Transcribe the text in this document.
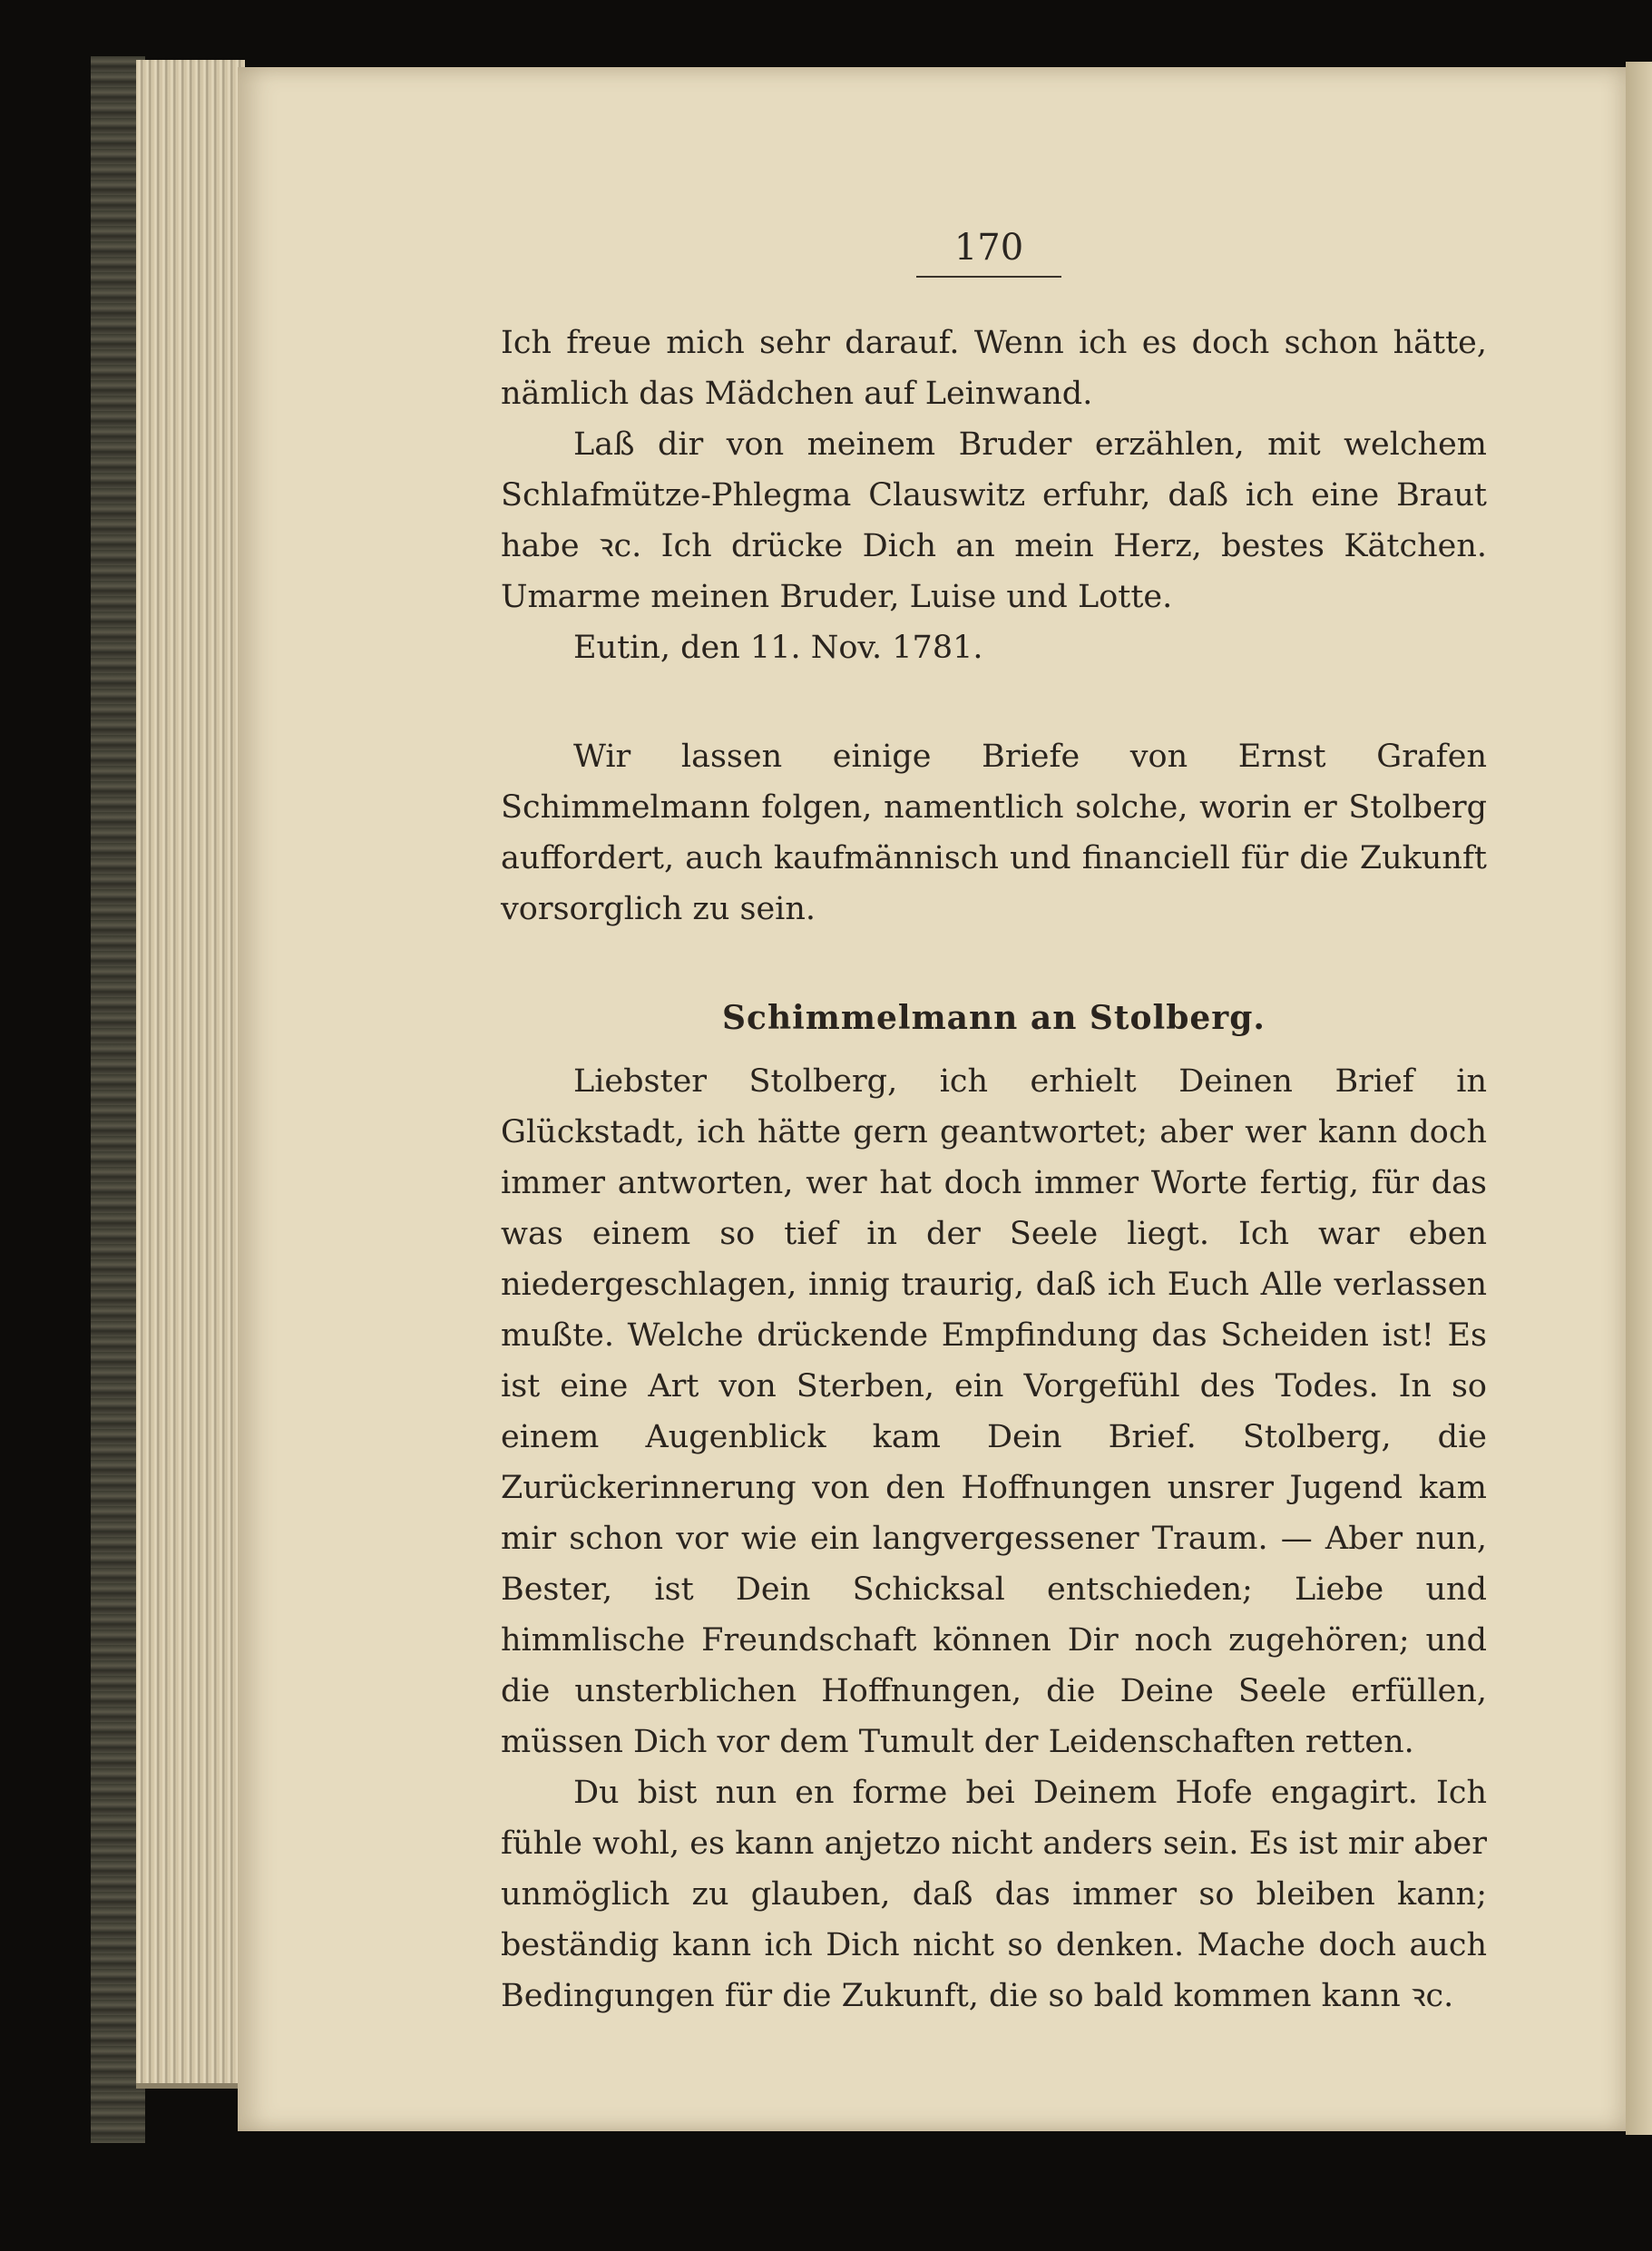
170

Ich freue mich sehr darauf. Wenn ich es doch schon hätte, nämlich das Mädchen auf Leinwand.

Laß dir von meinem Bruder erzählen, mit welchem Schlafmütze-Phlegma Clauswitz erfuhr, daß ich eine Braut habe ꝛc. Ich drücke Dich an mein Herz, bestes Kätchen. Umarme meinen Bruder, Luise und Lotte.

Eutin, den 11. Nov. 1781.

Wir lassen einige Briefe von Ernst Grafen Schimmelmann folgen, namentlich solche, worin er Stolberg auffordert, auch kaufmännisch und financiell für die Zukunft vorsorglich zu sein.

Schimmelmann an Stolberg.

Liebster Stolberg, ich erhielt Deinen Brief in Glückstadt, ich hätte gern geantwortet; aber wer kann doch immer antworten, wer hat doch immer Worte fertig, für das was einem so tief in der Seele liegt. Ich war eben niedergeschlagen, innig traurig, daß ich Euch Alle verlassen mußte. Welche drückende Empfindung das Scheiden ist! Es ist eine Art von Sterben, ein Vorgefühl des Todes. In so einem Augenblick kam Dein Brief. Stolberg, die Zurückerinnerung von den Hoffnungen unsrer Jugend kam mir schon vor wie ein langvergessener Traum. — Aber nun, Bester, ist Dein Schicksal entschieden; Liebe und himmlische Freundschaft können Dir noch zugehören; und die unsterblichen Hoffnungen, die Deine Seele erfüllen, müssen Dich vor dem Tumult der Leidenschaften retten.

Du bist nun en forme bei Deinem Hofe engagirt. Ich fühle wohl, es kann anjetzo nicht anders sein. Es ist mir aber unmöglich zu glauben, daß das immer so bleiben kann; beständig kann ich Dich nicht so denken. Mache doch auch Bedingungen für die Zukunft, die so bald kommen kann ꝛc.
